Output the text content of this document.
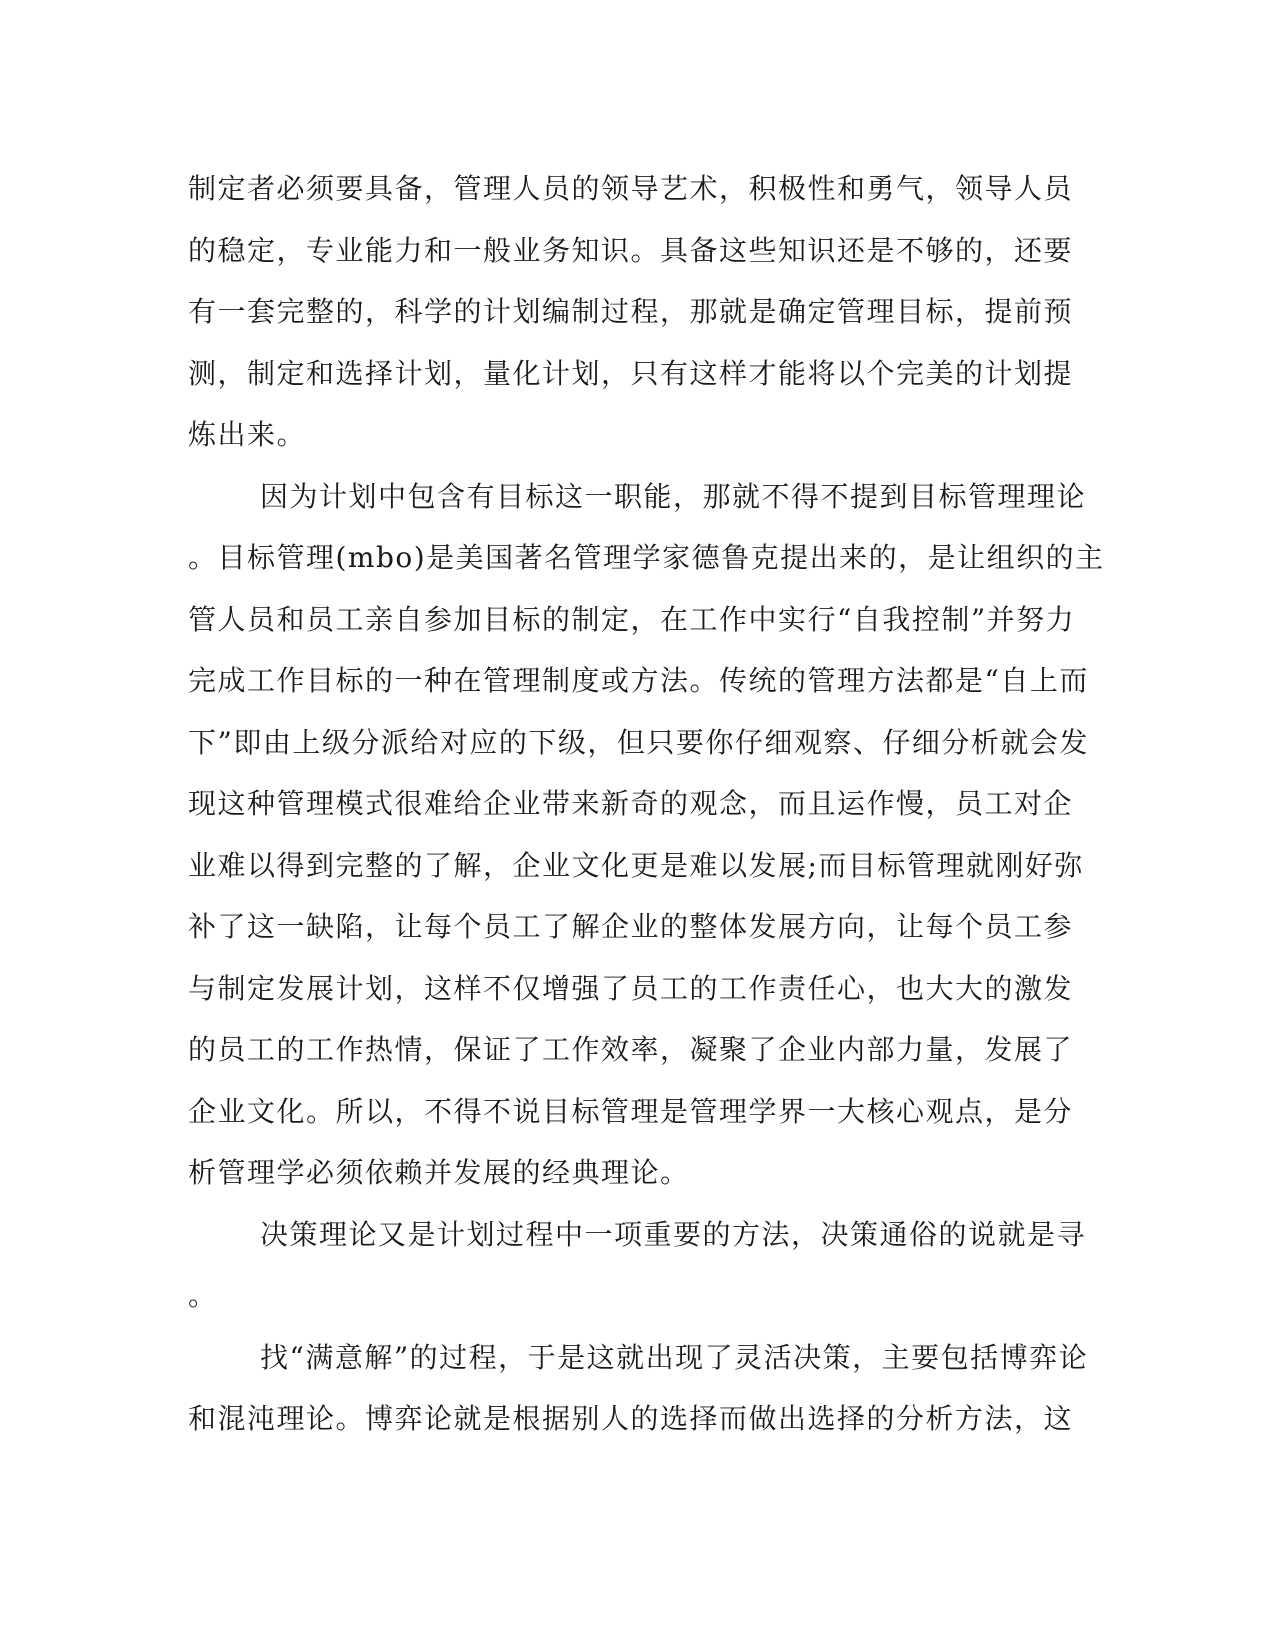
制定者必须要具备，管理人员的领导艺术，积极性和勇气，领导人员
的稳定，专业能力和一般业务知识。具备这些知识还是不够的，还要
有一套完整的，科学的计划编制过程，那就是确定管理目标，提前预
测，制定和选择计划，量化计划，只有这样才能将以个完美的计划提
炼出来。
因为计划中包含有目标这一职能，那就不得不提到目标管理理论
。目标管理(mbo)是美国著名管理学家德鲁克提出来的，是让组织的主
管人员和员工亲自参加目标的制定，在工作中实行“自我控制”并努力
完成工作目标的一种在管理制度或方法。传统的管理方法都是“自上而
下”即由上级分派给对应的下级，但只要你仔细观察、仔细分析就会发
现这种管理模式很难给企业带来新奇的观念，而且运作慢，员工对企
业难以得到完整的了解，企业文化更是难以发展;而目标管理就刚好弥
补了这一缺陷，让每个员工了解企业的整体发展方向，让每个员工参
与制定发展计划，这样不仅增强了员工的工作责任心，也大大的激发
的员工的工作热情，保证了工作效率，凝聚了企业内部力量，发展了
企业文化。所以，不得不说目标管理是管理学界一大核心观点，是分
析管理学必须依赖并发展的经典理论。
决策理论又是计划过程中一项重要的方法，决策通俗的说就是寻
。
找“满意解”的过程，于是这就出现了灵活决策，主要包括博弈论
和混沌理论。博弈论就是根据别人的选择而做出选择的分析方法，这
